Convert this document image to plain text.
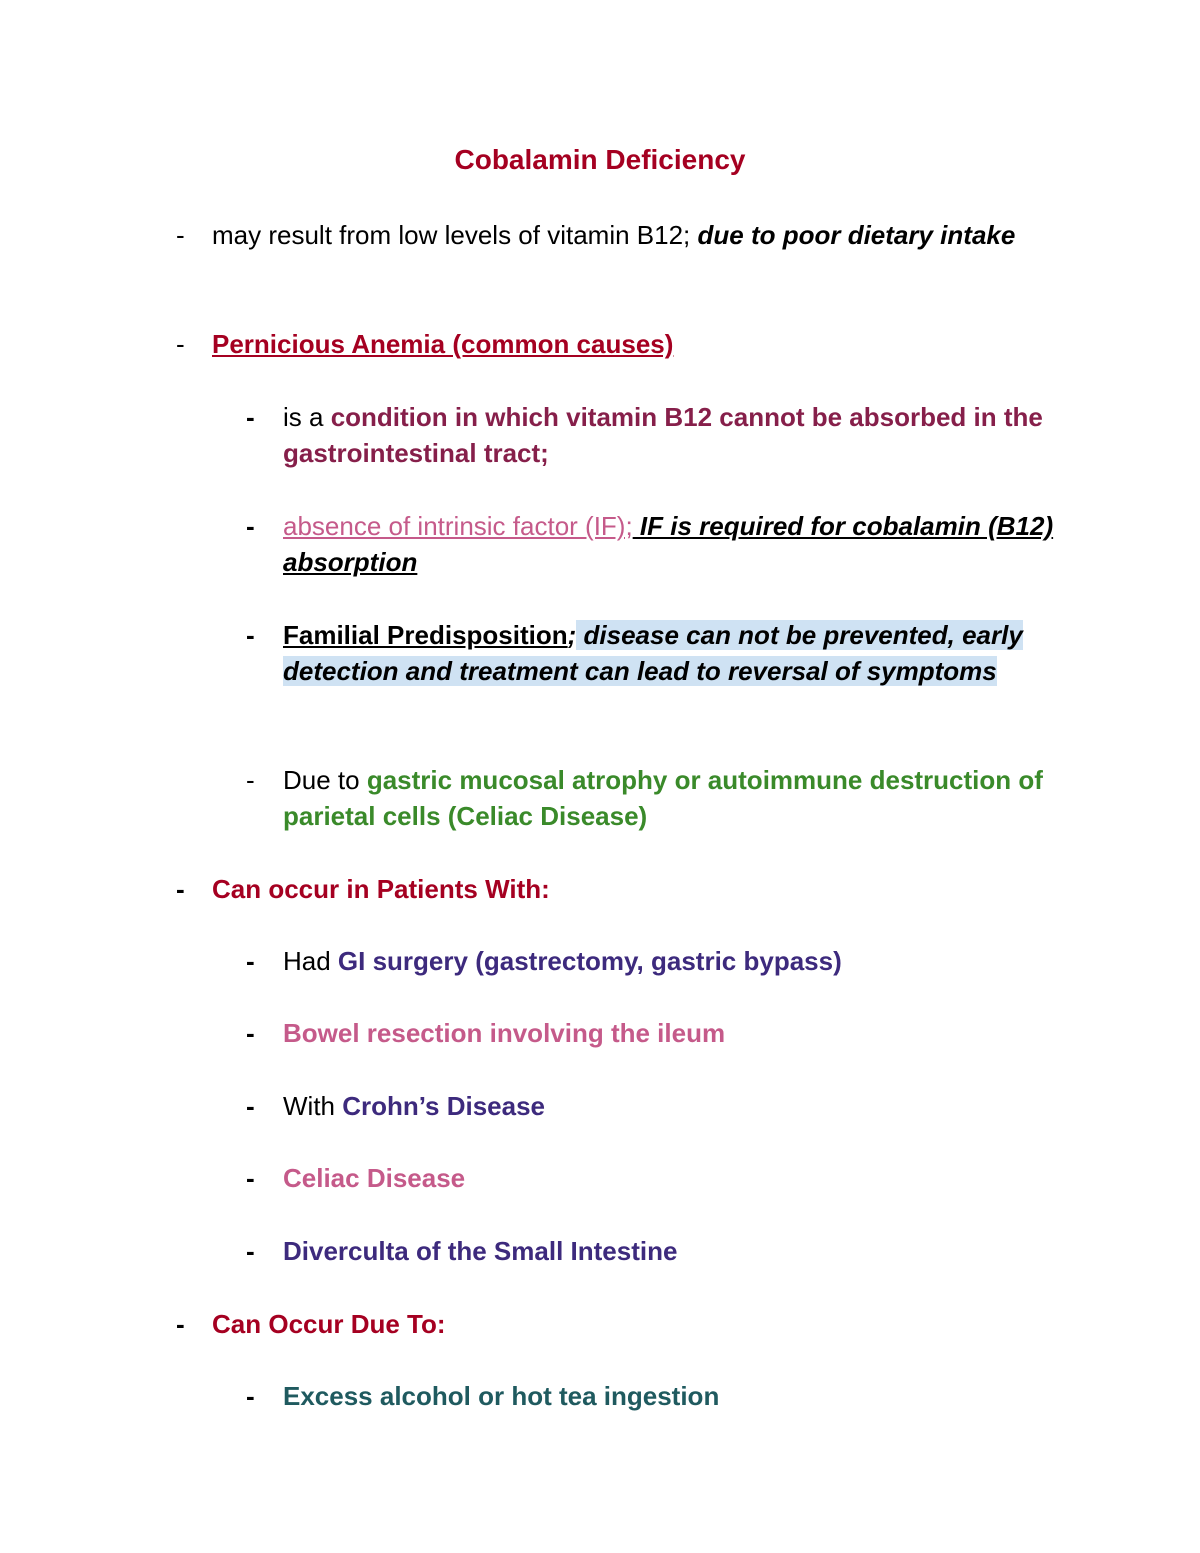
Cobalamin Deficiency
- may result from low levels of vitamin B12; due to poor dietary intake
- Pernicious Anemia (common causes)
- is a condition in which vitamin B12 cannot be absorbed in the gastrointestinal tract;
- absence of intrinsic factor (IF); IF is required for cobalamin (B12) absorption
- Familial Predisposition; disease can not be prevented, early detection and treatment can lead to reversal of symptoms
- Due to gastric mucosal atrophy or autoimmune destruction of parietal cells (Celiac Disease)
- Can occur in Patients With:
- Had GI surgery (gastrectomy, gastric bypass)
- Bowel resection involving the ileum
- With Crohn’s Disease
- Celiac Disease
- Diverculta of the Small Intestine
- Can Occur Due To:
- Excess alcohol or hot tea ingestion
